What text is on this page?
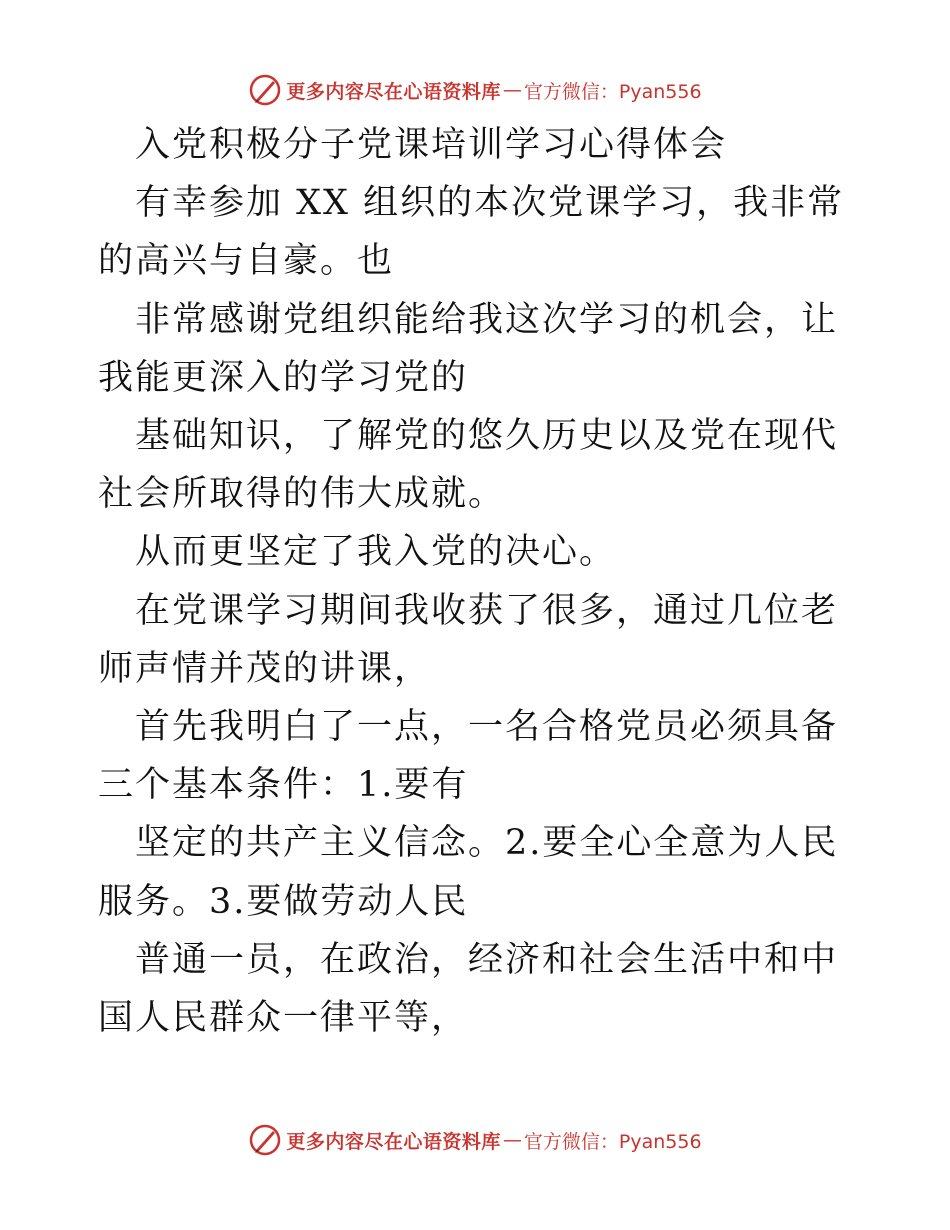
更多内容尽在心语资料库 — 官方微信：Pyan556

入党积极分子党课培训学习心得体会

有幸参加 XX 组织的本次党课学习，我非常的高兴与自豪。也

非常感谢党组织能给我这次学习的机会，让我能更深入的学习党的

基础知识，了解党的悠久历史以及党在现代社会所取得的伟大成就。

从而更坚定了我入党的决心。

在党课学习期间我收获了很多，通过几位老师声情并茂的讲课，

首先我明白了一点，一名合格党员必须具备三个基本条件：1.要有

坚定的共产主义信念。2.要全心全意为人民服务。3.要做劳动人民

普通一员，在政治，经济和社会生活中和中国人民群众一律平等，

更多内容尽在心语资料库 — 官方微信：Pyan556
